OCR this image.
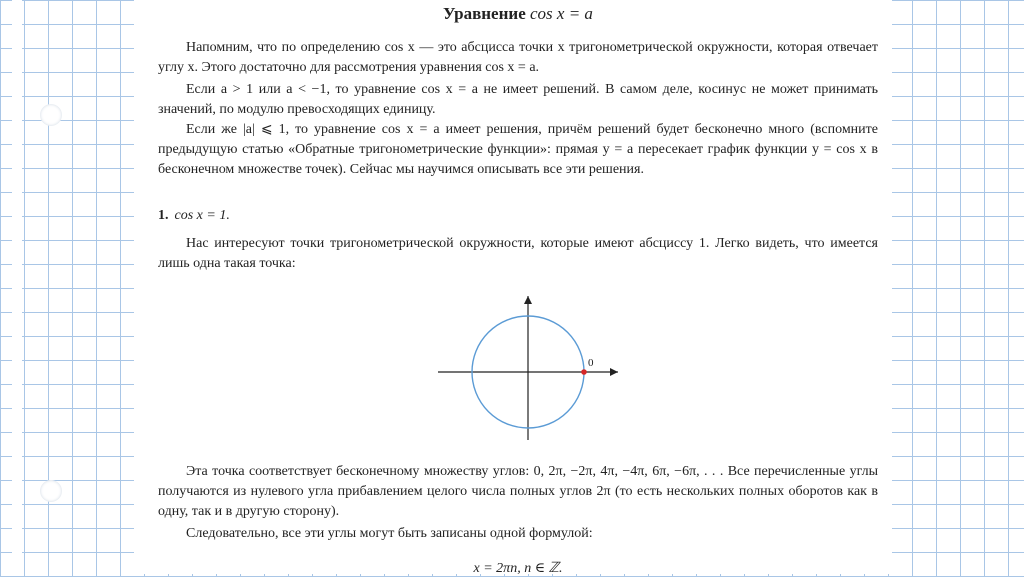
Уравнение cos x = a

Напомним, что по определению cos x — это абсцисса точки x тригонометрической окружности, которая отвечает углу x. Этого достаточно для рассмотрения уравнения cos x = a.

Если a > 1 или a < −1, то уравнение cos x = a не имеет решений. В самом деле, косинус не может принимать значений, по модулю превосходящих единицу.

Если же |a| ⩽ 1, то уравнение cos x = a имеет решения, причём решений будет бесконечно много (вспомните предыдущую статью «Обратные тригонометрические функции»: прямая y = a пересекает график функции y = cos x в бесконечном множестве точек). Сейчас мы научимся описывать все эти решения.

1. cos x = 1.

Нас интересуют точки тригонометрической окружности, которые имеют абсциссу 1. Легко видеть, что имеется лишь одна такая точка:

0

Эта точка соответствует бесконечному множеству углов: 0, 2π, −2π, 4π, −4π, 6π, −6π, . . . Все перечисленные углы получаются из нулевого угла прибавлением целого числа полных углов 2π (то есть нескольких полных оборотов как в одну, так и в другую сторону).

Следовательно, все эти углы могут быть записаны одной формулой:

x = 2πn, n ∈ ℤ.
